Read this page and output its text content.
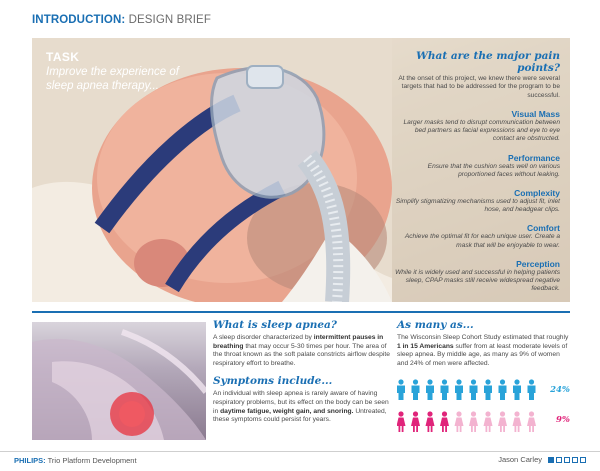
INTRODUCTION: DESIGN BRIEF
TASK
Improve the experience of sleep apnea therapy...
What are the major pain points?
At the onset of this project, we knew there were several targets that had to be addressed for the program to be successful.
Visual Mass
Larger masks tend to disrupt communication between bed partners as facial expressions and eye to eye contact are obstructed.
Performance
Ensure that the cushion seats well on various proportioned faces without leaking.
Complexity
Simplify stigmatizing mechanisms used to adjust fit, inlet hose, and headgear clips.
Comfort
Achieve the optimal fit for each unique user. Create a mask that will be enjoyable to wear.
Perception
While it is widely used and successful in helping patients sleep, CPAP masks still receive widespread negative feedback.
What is sleep apnea?
A sleep disorder characterized by intermittent pauses in breathing that may occur 5-30 times per hour. The area of the throat known as the soft palate constricts airflow despite respiratory effort to breathe.
Symptoms include...
An individual with sleep apnea is rarely aware of having respiratory problems, but its effect on the body can be seen in daytime fatigue, weight gain, and snoring. Untreated, these symptoms could persist for years.
As many as...
The Wisconsin Sleep Cohort Study estimated that roughly 1 in 15 Americans suffer from at least moderate levels of sleep apnea. By middle age, as many as 9% of women and 24% of men were affected.
24%
9%
PHILIPS: Trio Platform Development	Jason Carley
